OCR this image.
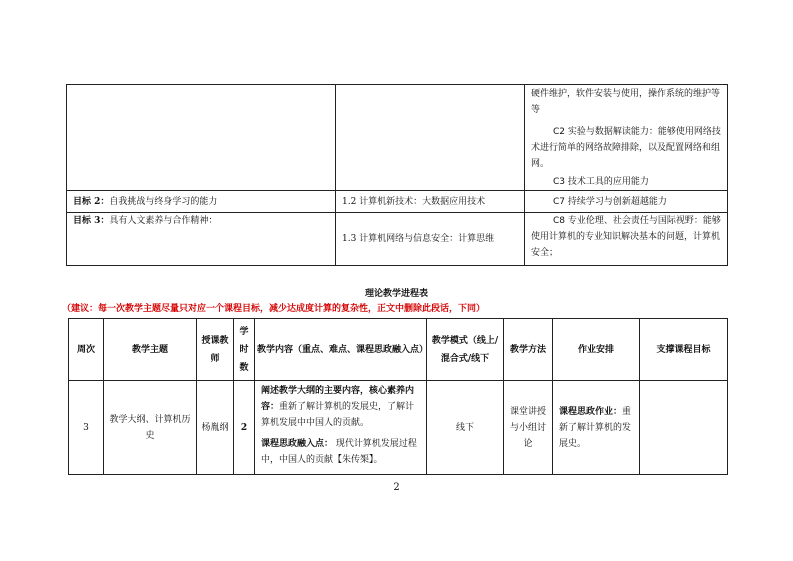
		硬件维护，软件安装与使用，操作系统的维护等等
C2 实验与数据解读能力：能够使用网络技术进行简单的网络故障排除，以及配置网络和组网。
C3 技术工具的应用能力

目标 2：自我挑战与终身学习的能力	1.2 计算机新技术：大数据应用技术	C7 持续学习与创新超越能力

目标 3：具有人文素养与合作精神：	1.3 计算机网络与信息安全：计算思维	C8 专业伦理、社会责任与国际视野：能够使用计算机的专业知识解决基本的问题，计算机安全；
理论教学进程表
（建议：每一次教学主题尽量只对应一个课程目标，减少达成度计算的复杂性，正文中删除此段话，下同）
周次	教学主题	授课教师	学时数	教学内容（重点、难点、课程思政融入点）	教学模式（线上/混合式/线下	教学方法	作业安排	支撑课程目标
3	教学大纲、计算机历史	杨胤纲	2	阐述教学大纲的主要内容，核心素养内容：重新了解计算机的发展史，了解计算机发展中中国人的贡献。
课程思政融入点： 现代计算机发展过程中，中国人的贡献【朱传榘】。	线下	课堂讲授与小组讨论	课程思政作业：重新了解计算机的发展史。	
2
